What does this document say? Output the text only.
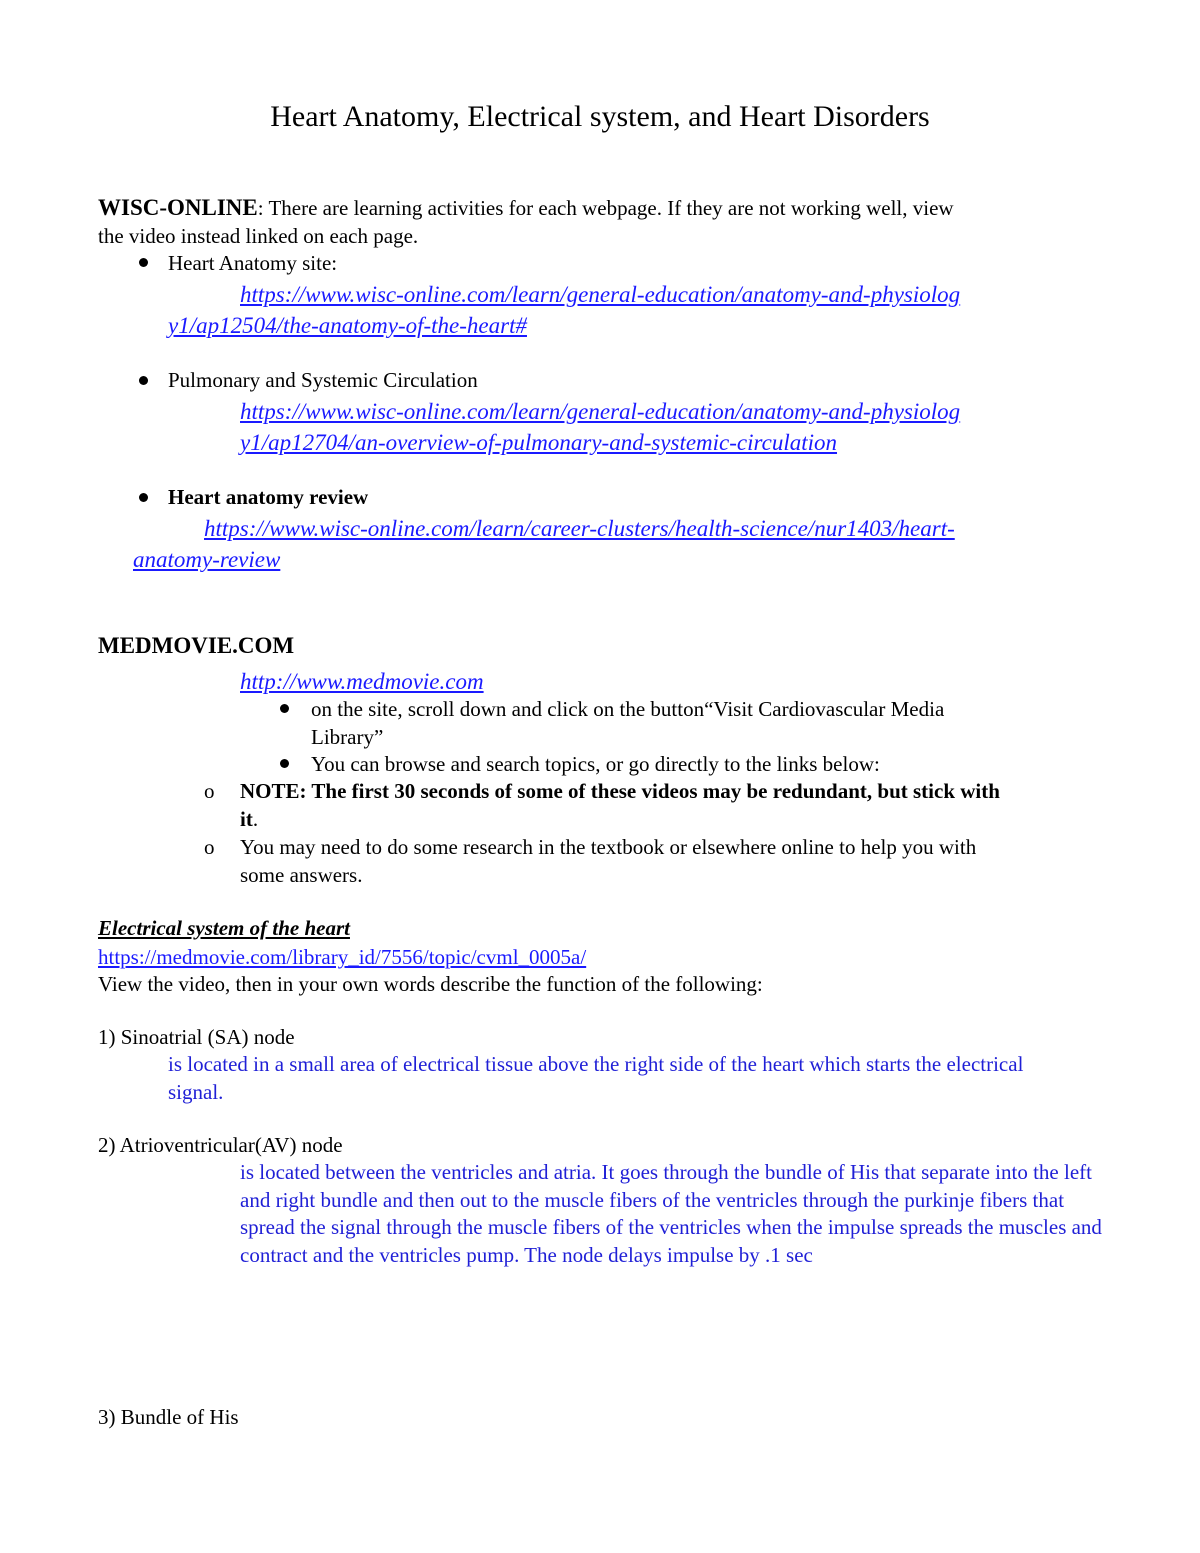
Heart Anatomy, Electrical system, and Heart Disorders
WISC-ONLINE: There are learning activities for each webpage. If they are not working well, view
the video instead linked on each page.
Heart Anatomy site:
https://www.wisc-online.com/learn/general-education/anatomy-and-physiolog
y1/ap12504/the-anatomy-of-the-heart#
Pulmonary and Systemic Circulation
https://www.wisc-online.com/learn/general-education/anatomy-and-physiolog
y1/ap12704/an-overview-of-pulmonary-and-systemic-circulation
Heart anatomy review
https://www.wisc-online.com/learn/career-clusters/health-science/nur1403/heart-
anatomy-review
MEDMOVIE.COM
http://www.medmovie.com
on the site, scroll down and click on the button“Visit Cardiovascular Media
Library”
You can browse and search topics, or go directly to the links below:
o NOTE: The first 30 seconds of some of these videos may be redundant, but stick with
it.
o You may need to do some research in the textbook or elsewhere online to help you with
some answers.
Electrical system of the heart
https://medmovie.com/library_id/7556/topic/cvml_0005a/
View the video, then in your own words describe the function of the following:
1) Sinoatrial (SA) node
is located in a small area of electrical tissue above the right side of the heart which starts the electrical signal.
2) Atrioventricular(AV) node
is located between the ventricles and atria. It goes through the bundle of His that separate into the left and right bundle and then out to the muscle fibers of the ventricles through the purkinje fibers that spread the signal through the muscle fibers of the ventricles when the impulse spreads the muscles and contract and the ventricles pump. The node delays impulse by .1 sec
3) Bundle of His
